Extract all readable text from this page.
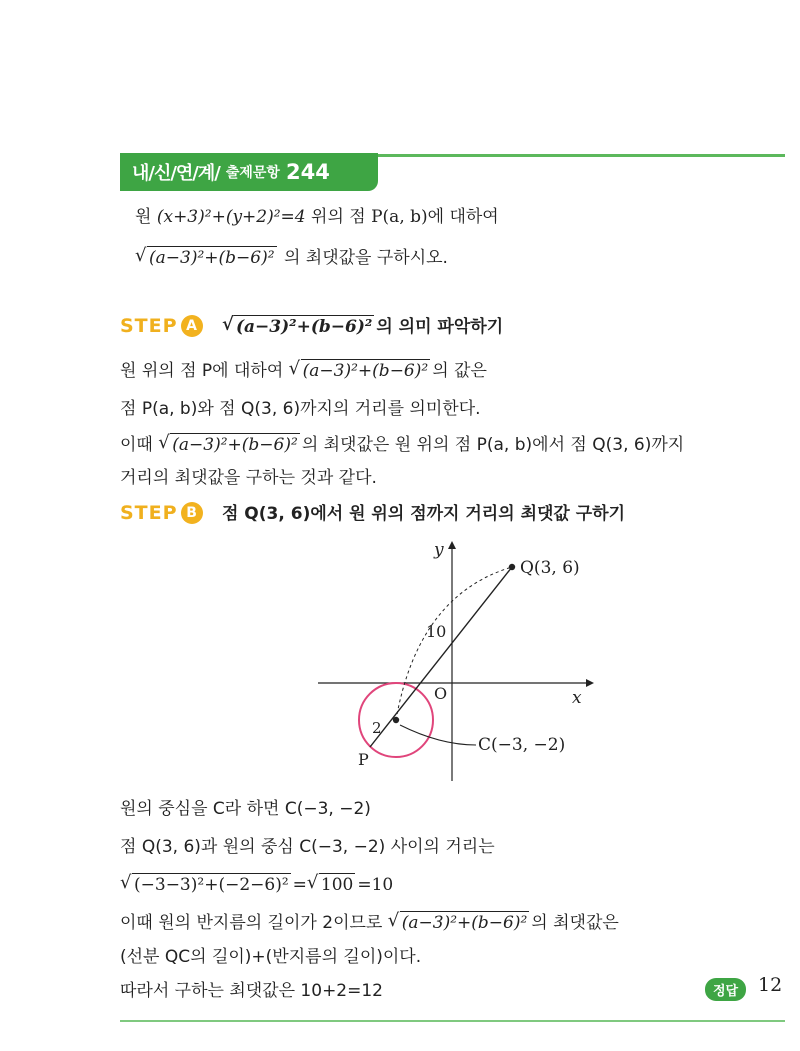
내/신/연/계/ 출제문항 244
원 (x+3)²+(y+2)²=4 위의 점 P(a, b)에 대하여
√ (a−3)²+(b−6)² 의 최댓값을 구하시오.
STEP A √ (a−3)²+(b−6)² 의 의미 파악하기
원 위의 점 P에 대하여 √ (a−3)²+(b−6)² 의 값은
점 P(a, b)와 점 Q(3, 6)까지의 거리를 의미한다.
이때 √ (a−3)²+(b−6)² 의 최댓값은 원 위의 점 P(a, b)에서 점 Q(3, 6)까지
거리의 최댓값을 구하는 것과 같다.
STEP B 점 Q(3, 6)에서 원 위의 점까지 거리의 최댓값 구하기
y
x
O
Q(3, 6)
10
2
C(−3, −2)
P
원의 중심을 C라 하면 C(−3, −2)
점 Q(3, 6)과 원의 중심 C(−3, −2) 사이의 거리는
√ (−3−3)²+(−2−6)² = √ 100 =10
이때 원의 반지름의 길이가 2이므로 √ (a−3)²+(b−6)² 의 최댓값은
(선분 QC의 길이)+(반지름의 길이)이다.
따라서 구하는 최댓값은 10+2=12	정답	12
